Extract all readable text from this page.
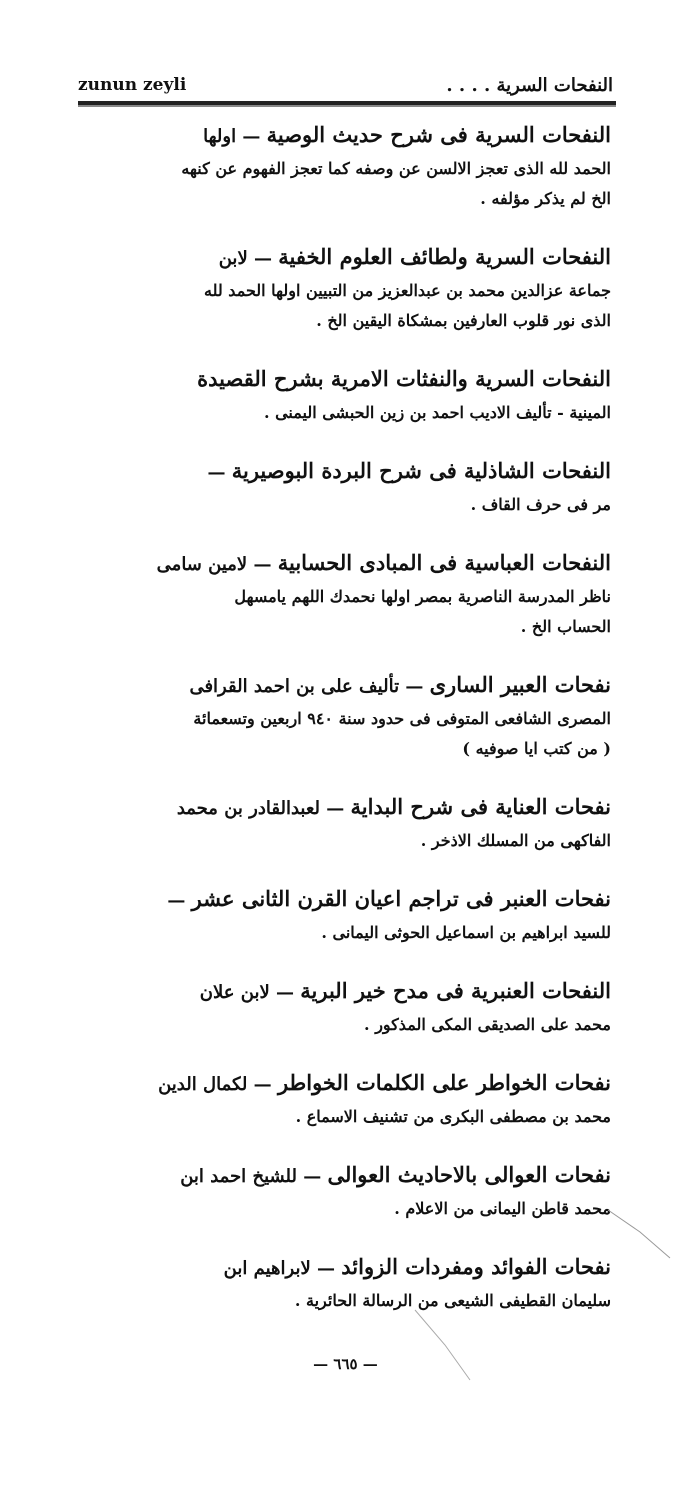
zunun zeyli	النفحات السرية . . . .
النفحات السرية فى شرح حديث الوصية — اولها
الحمد لله الذى تعجز الالسن عن وصفه كما تعجز الفهوم عن كنهه
الخ لم يذكر مؤلفه .
النفحات السرية ولطائف العلوم الخفية — لابن
جماعة عزالدين محمد بن عبدالعزيز من التبيين اولها الحمد لله
الذى نور قلوب العارفين بمشكاة اليقين الخ .
النفحات السرية والنفثات الامرية بشرح القصيدة
المينية - تأليف الاديب احمد بن زين الحبشى اليمنى .
النفحات الشاذلية فى شرح البردة البوصيرية —
مر فى حرف القاف .
النفحات العباسية فى المبادى الحسابية — لامين سامى
ناظر المدرسة الناصرية بمصر اولها نحمدك اللهم يامسهل
الحساب الخ .
نفحات العبير السارى — تأليف على بن احمد القرافى
المصرى الشافعى المتوفى فى حدود سنة ٩٤٠ اربعين وتسعمائة
( من كتب ايا صوفيه )
نفحات العناية فى شرح البداية — لعبدالقادر بن محمد
الفاكهى من المسلك الاذخر .
نفحات العنبر فى تراجم اعيان القرن الثانى عشر —
للسيد ابراهيم بن اسماعيل الحوثى اليمانى .
النفحات العنبرية فى مدح خير البرية — لابن علان
محمد على الصديقى المكى المذكور .
نفحات الخواطر على الكلمات الخواطر — لكمال الدين
محمد بن مصطفى البكرى من تشنيف الاسماع .
نفحات العوالى بالاحاديث العوالى — للشيخ احمد ابن
محمد قاطن اليمانى من الاعلام .
نفحات الفوائد ومفردات الزوائد — لابراهيم ابن
سليمان القطيفى الشيعى من الرسالة الحائرية .
— ٦٦٥ —
